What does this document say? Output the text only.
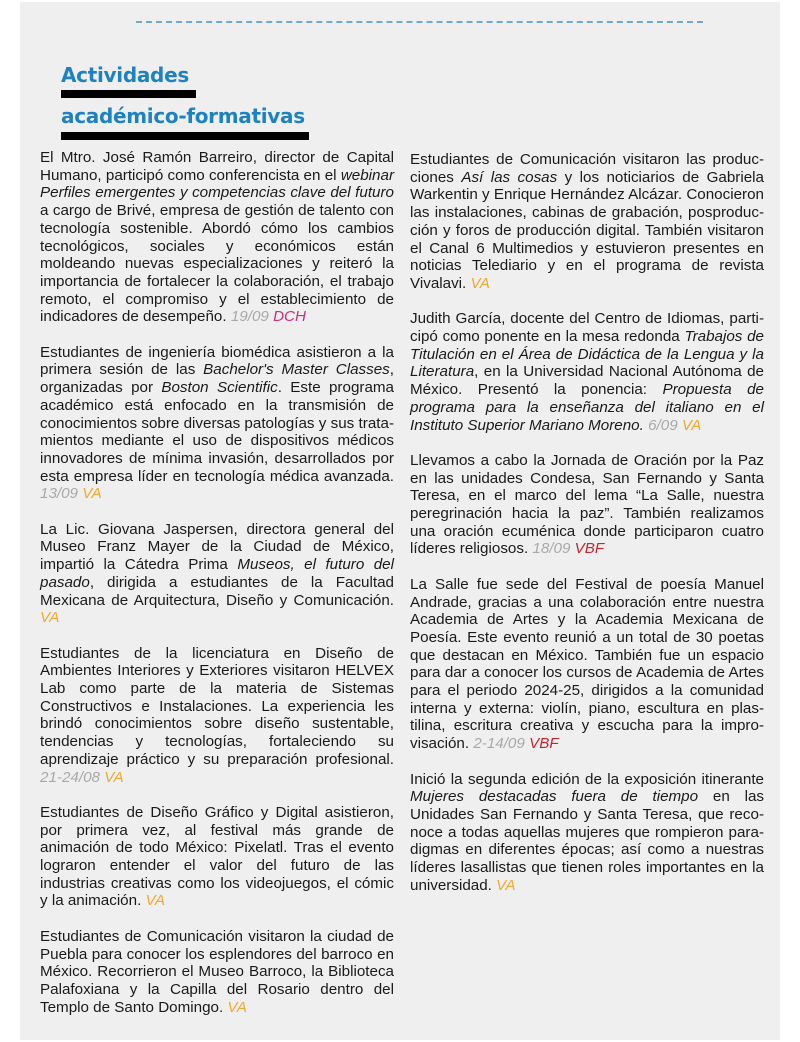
Actividades
académico-formativas

El Mtro. José Ramón Barreiro, director de Capital Humano, participó como conferencista en el webinar Perfiles emergentes y competencias clave del futuro a cargo de Brivé, empresa de gestión de talento con tecnología sostenible. Abordó cómo los cambios tecnológicos, sociales y económicos están moldeando nuevas especializaciones y reiteró la importancia de fortalecer la colaboración, el trabajo remoto, el compromiso y el establecimiento de indicadores de desempeño. 19/09 DCH

Estudiantes de ingeniería biomédica asistieron a la primera sesión de las Bachelor's Master Classes, organizadas por Boston Scientific. Este programa académico está enfocado en la transmisión de conocimientos sobre diversas patologías y sus tratamientos mediante el uso de dispositivos médicos innovadores de mínima invasión, desarrollados por esta empresa líder en tecnología médica avanzada. 13/09 VA

La Lic. Giovana Jaspersen, directora general del Museo Franz Mayer de la Ciudad de México, impartió la Cátedra Prima Museos, el futuro del pasado, dirigida a estudiantes de la Facultad Mexicana de Arquitectura, Diseño y Comunicación. VA

Estudiantes de la licenciatura en Diseño de Ambientes Interiores y Exteriores visitaron HELVEX Lab como parte de la materia de Sistemas Constructivos e Instalaciones. La experiencia les brindó conocimientos sobre diseño sustentable, tendencias y tecnologías, fortaleciendo su aprendizaje práctico y su preparación profesional. 21-24/08 VA

Estudiantes de Diseño Gráfico y Digital asistieron, por primera vez, al festival más grande de animación de todo México: Pixelatl. Tras el evento lograron entender el valor del futuro de las industrias creativas como los videojuegos, el cómic y la animación. VA

Estudiantes de Comunicación visitaron la ciudad de Puebla para conocer los esplendores del barroco en México. Recorrieron el Museo Barroco, la Biblioteca Palafoxiana y la Capilla del Rosario dentro del Templo de Santo Domingo. VA

Estudiantes de Comunicación visitaron las producciones Así las cosas y los noticiarios de Gabriela Warkentin y Enrique Hernández Alcázar. Conocieron las instalaciones, cabinas de grabación, posproducción y foros de producción digital. También visitaron el Canal 6 Multimedios y estuvieron presentes en noticias Telediario y en el programa de revista Vivalavi. VA

Judith García, docente del Centro de Idiomas, participó como ponente en la mesa redonda Trabajos de Titulación en el Área de Didáctica de la Lengua y la Literatura, en la Universidad Nacional Autónoma de México. Presentó la ponencia: Propuesta de programa para la enseñanza del italiano en el Instituto Superior Mariano Moreno. 6/09 VA

Llevamos a cabo la Jornada de Oración por la Paz en las unidades Condesa, San Fernando y Santa Teresa, en el marco del lema “La Salle, nuestra peregrinación hacia la paz”. También realizamos una oración ecuménica donde participaron cuatro líderes religiosos. 18/09 VBF

La Salle fue sede del Festival de poesía Manuel Andrade, gracias a una colaboración entre nuestra Academia de Artes y la Academia Mexicana de Poesía. Este evento reunió a un total de 30 poetas que destacan en México. También fue un espacio para dar a conocer los cursos de Academia de Artes para el periodo 2024-25, dirigidos a la comunidad interna y externa: violín, piano, escultura en plastilina, escritura creativa y escucha para la improvisación. 2-14/09 VBF

Inició la segunda edición de la exposición itinerante Mujeres destacadas fuera de tiempo en las Unidades San Fernando y Santa Teresa, que reconoce a todas aquellas mujeres que rompieron paradigmas en diferentes épocas; así como a nuestras líderes lasallistas que tienen roles importantes en la universidad. VA
